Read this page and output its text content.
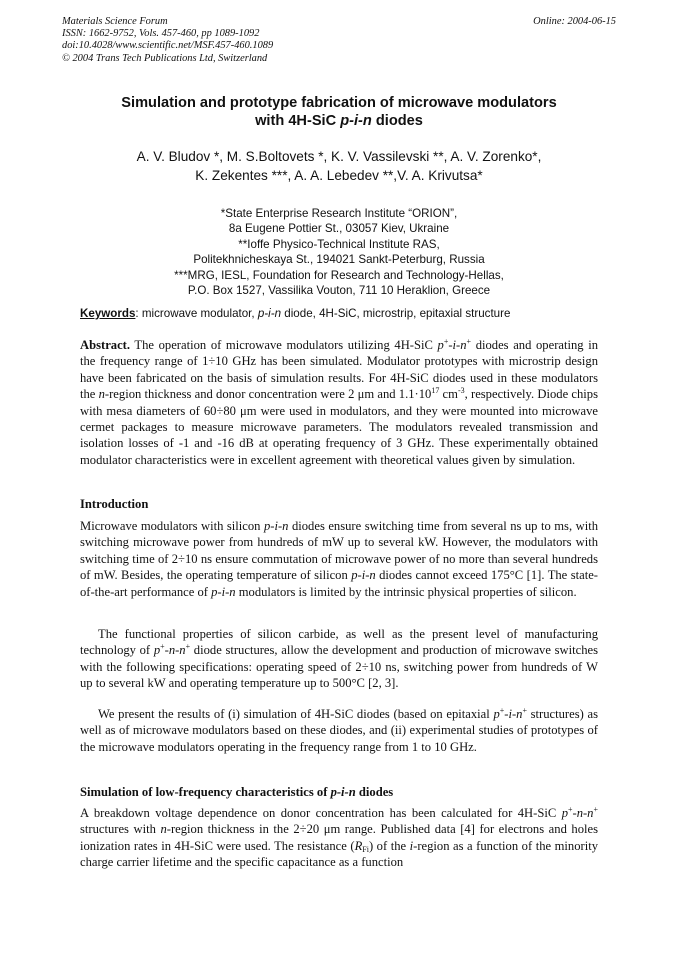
Materials Science Forum
ISSN: 1662-9752, Vols. 457-460, pp 1089-1092
doi:10.4028/www.scientific.net/MSF.457-460.1089
© 2004 Trans Tech Publications Ltd, Switzerland
Online: 2004-06-15
Simulation and prototype fabrication of microwave modulators
with 4H-SiC p-i-n diodes
A. V. Bludov *, M. S.Boltovets *, K. V. Vassilevski **, A. V. Zorenko*,
K. Zekentes ***, A. A. Lebedev **,V. A. Krivutsa*
*State Enterprise Research Institute “ORION”,
8a Eugene Pottier St., 03057 Kiev, Ukraine
**Ioffe Physico-Technical Institute RAS,
Politekhnicheskaya St., 194021 Sankt-Peterburg, Russia
***MRG, IESL, Foundation for Research and Technology-Hellas,
P.O. Box 1527, Vassilika Vouton, 711 10 Heraklion, Greece
Keywords: microwave modulator, p-i-n diode, 4H-SiC, microstrip, epitaxial structure
Abstract. The operation of microwave modulators utilizing 4H-SiC p+-i-n+ diodes and operating in the frequency range of 1÷10 GHz has been simulated. Modulator prototypes with microstrip design have been fabricated on the basis of simulation results. For 4H-SiC diodes used in these modulators the n-region thickness and donor concentration were 2 μm and $1.1\cdot 10^{17}$ $cm^{-3}$, respectively. Diode chips with mesa diameters of 60÷80 μm were used in modulators, and they were mounted into microwave cermet packages to measure microwave parameters. The modulators revealed transmission and isolation losses of -1 and -16 dB at operating frequency of 3 GHz. These experimentally obtained modulator characteristics were in excellent agreement with theoretical values given by simulation.
Introduction
Microwave modulators with silicon p-i-n diodes ensure switching time from several ns up to ms, with switching microwave power from hundreds of mW up to several kW. However, the modulators with switching time of 2÷10 ns ensure commutation of microwave power of no more than several hundreds of mW. Besides, the operating temperature of silicon p-i-n diodes cannot exceed 175°C [1]. The state-of-the-art performance of p-i-n modulators is limited by the intrinsic physical properties of silicon.
The functional properties of silicon carbide, as well as the present level of manufacturing technology of p+-n-n+ diode structures, allow the development and production of microwave switches with the following specifications: operating speed of 2÷10 ns, switching power from hundreds of W up to several kW and operating temperature up to 500°C [2, 3].
We present the results of (i) simulation of 4H-SiC diodes (based on epitaxial p+-i-n+ structures) as well as of microwave modulators based on these diodes, and (ii) experimental studies of prototypes of the microwave modulators operating in the frequency range from 1 to 10 GHz.
Simulation of low-frequency characteristics of p-i-n diodes
A breakdown voltage dependence on donor concentration has been calculated for 4H-SiC p+-n-n+ structures with n-region thickness in the 2÷20 μm range. Published data [4] for electrons and holes ionization rates in 4H-SiC were used. The resistance $(R_{Fi})$ of the i-region as a function of the minority charge carrier lifetime and the specific capacitance as a function
